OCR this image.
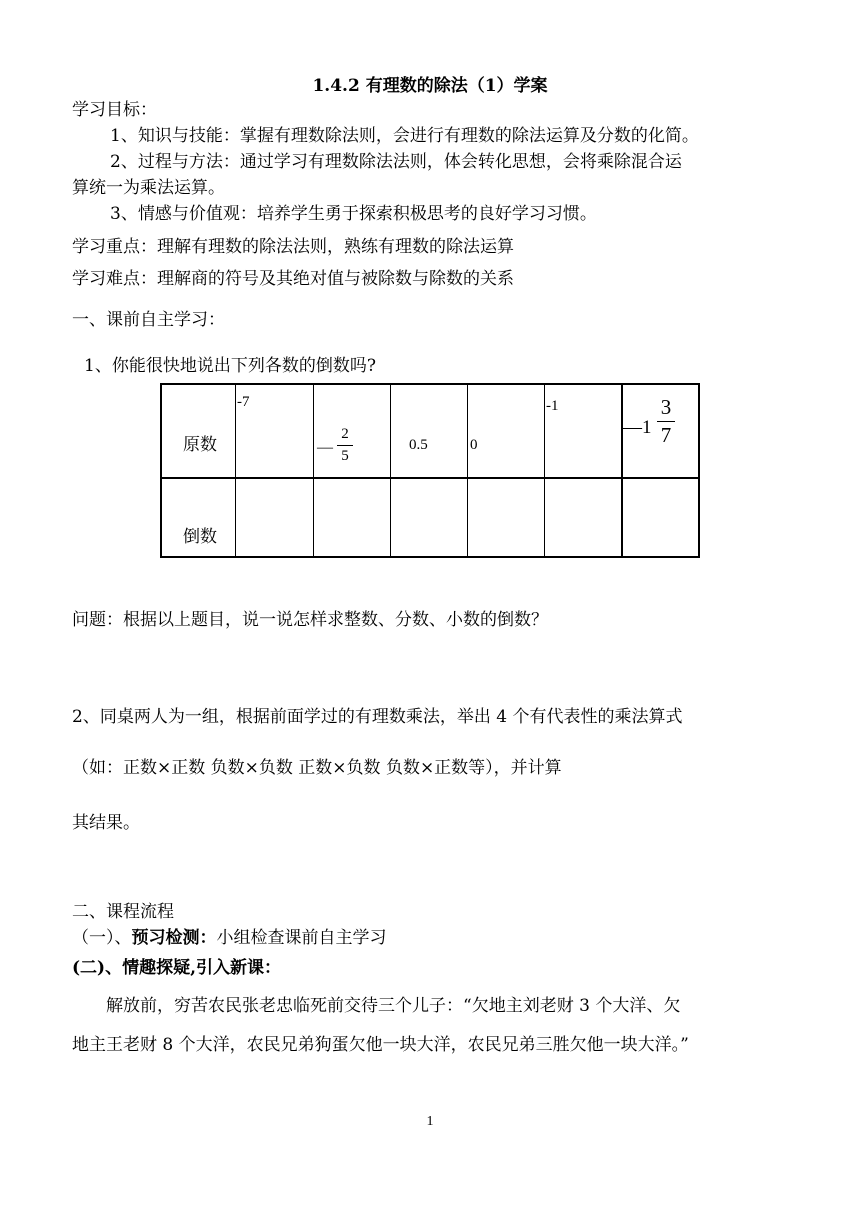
1.4.2 有理数的除法（1）学案
学习目标：
1、知识与技能：掌握有理数除法则，会进行有理数的除法运算及分数的化简。
2、过程与方法：通过学习有理数除法法则，体会转化思想，会将乘除混合运
算统一为乘法运算。
3、情感与价值观：培养学生勇于探索积极思考的良好学习习惯。
学习重点：理解有理数的除法法则，熟练有理数的除法运算
学习难点：理解商的符号及其绝对值与被除数与除数的关系
一、课前自主学习：
1、你能很快地说出下列各数的倒数吗?
原数
倒数
-7
—
2
5
0.5	0
-1
—1
3
7
问题：根据以上题目，说一说怎样求整数、分数、小数的倒数？
2、同桌两人为一组，根据前面学过的有理数乘法，举出 4 个有代表性的乘法算式
（如：正数×正数 负数×负数 正数×负数 负数×正数等），并计算
其结果。
二、课程流程
（一）、预习检测：小组检查课前自主学习
(二)、情趣探疑,引入新课：
解放前，穷苦农民张老忠临死前交待三个儿子：“欠地主刘老财 3 个大洋、欠
地主王老财 8 个大洋，农民兄弟狗蛋欠他一块大洋，农民兄弟三胜欠他一块大洋。”
1
